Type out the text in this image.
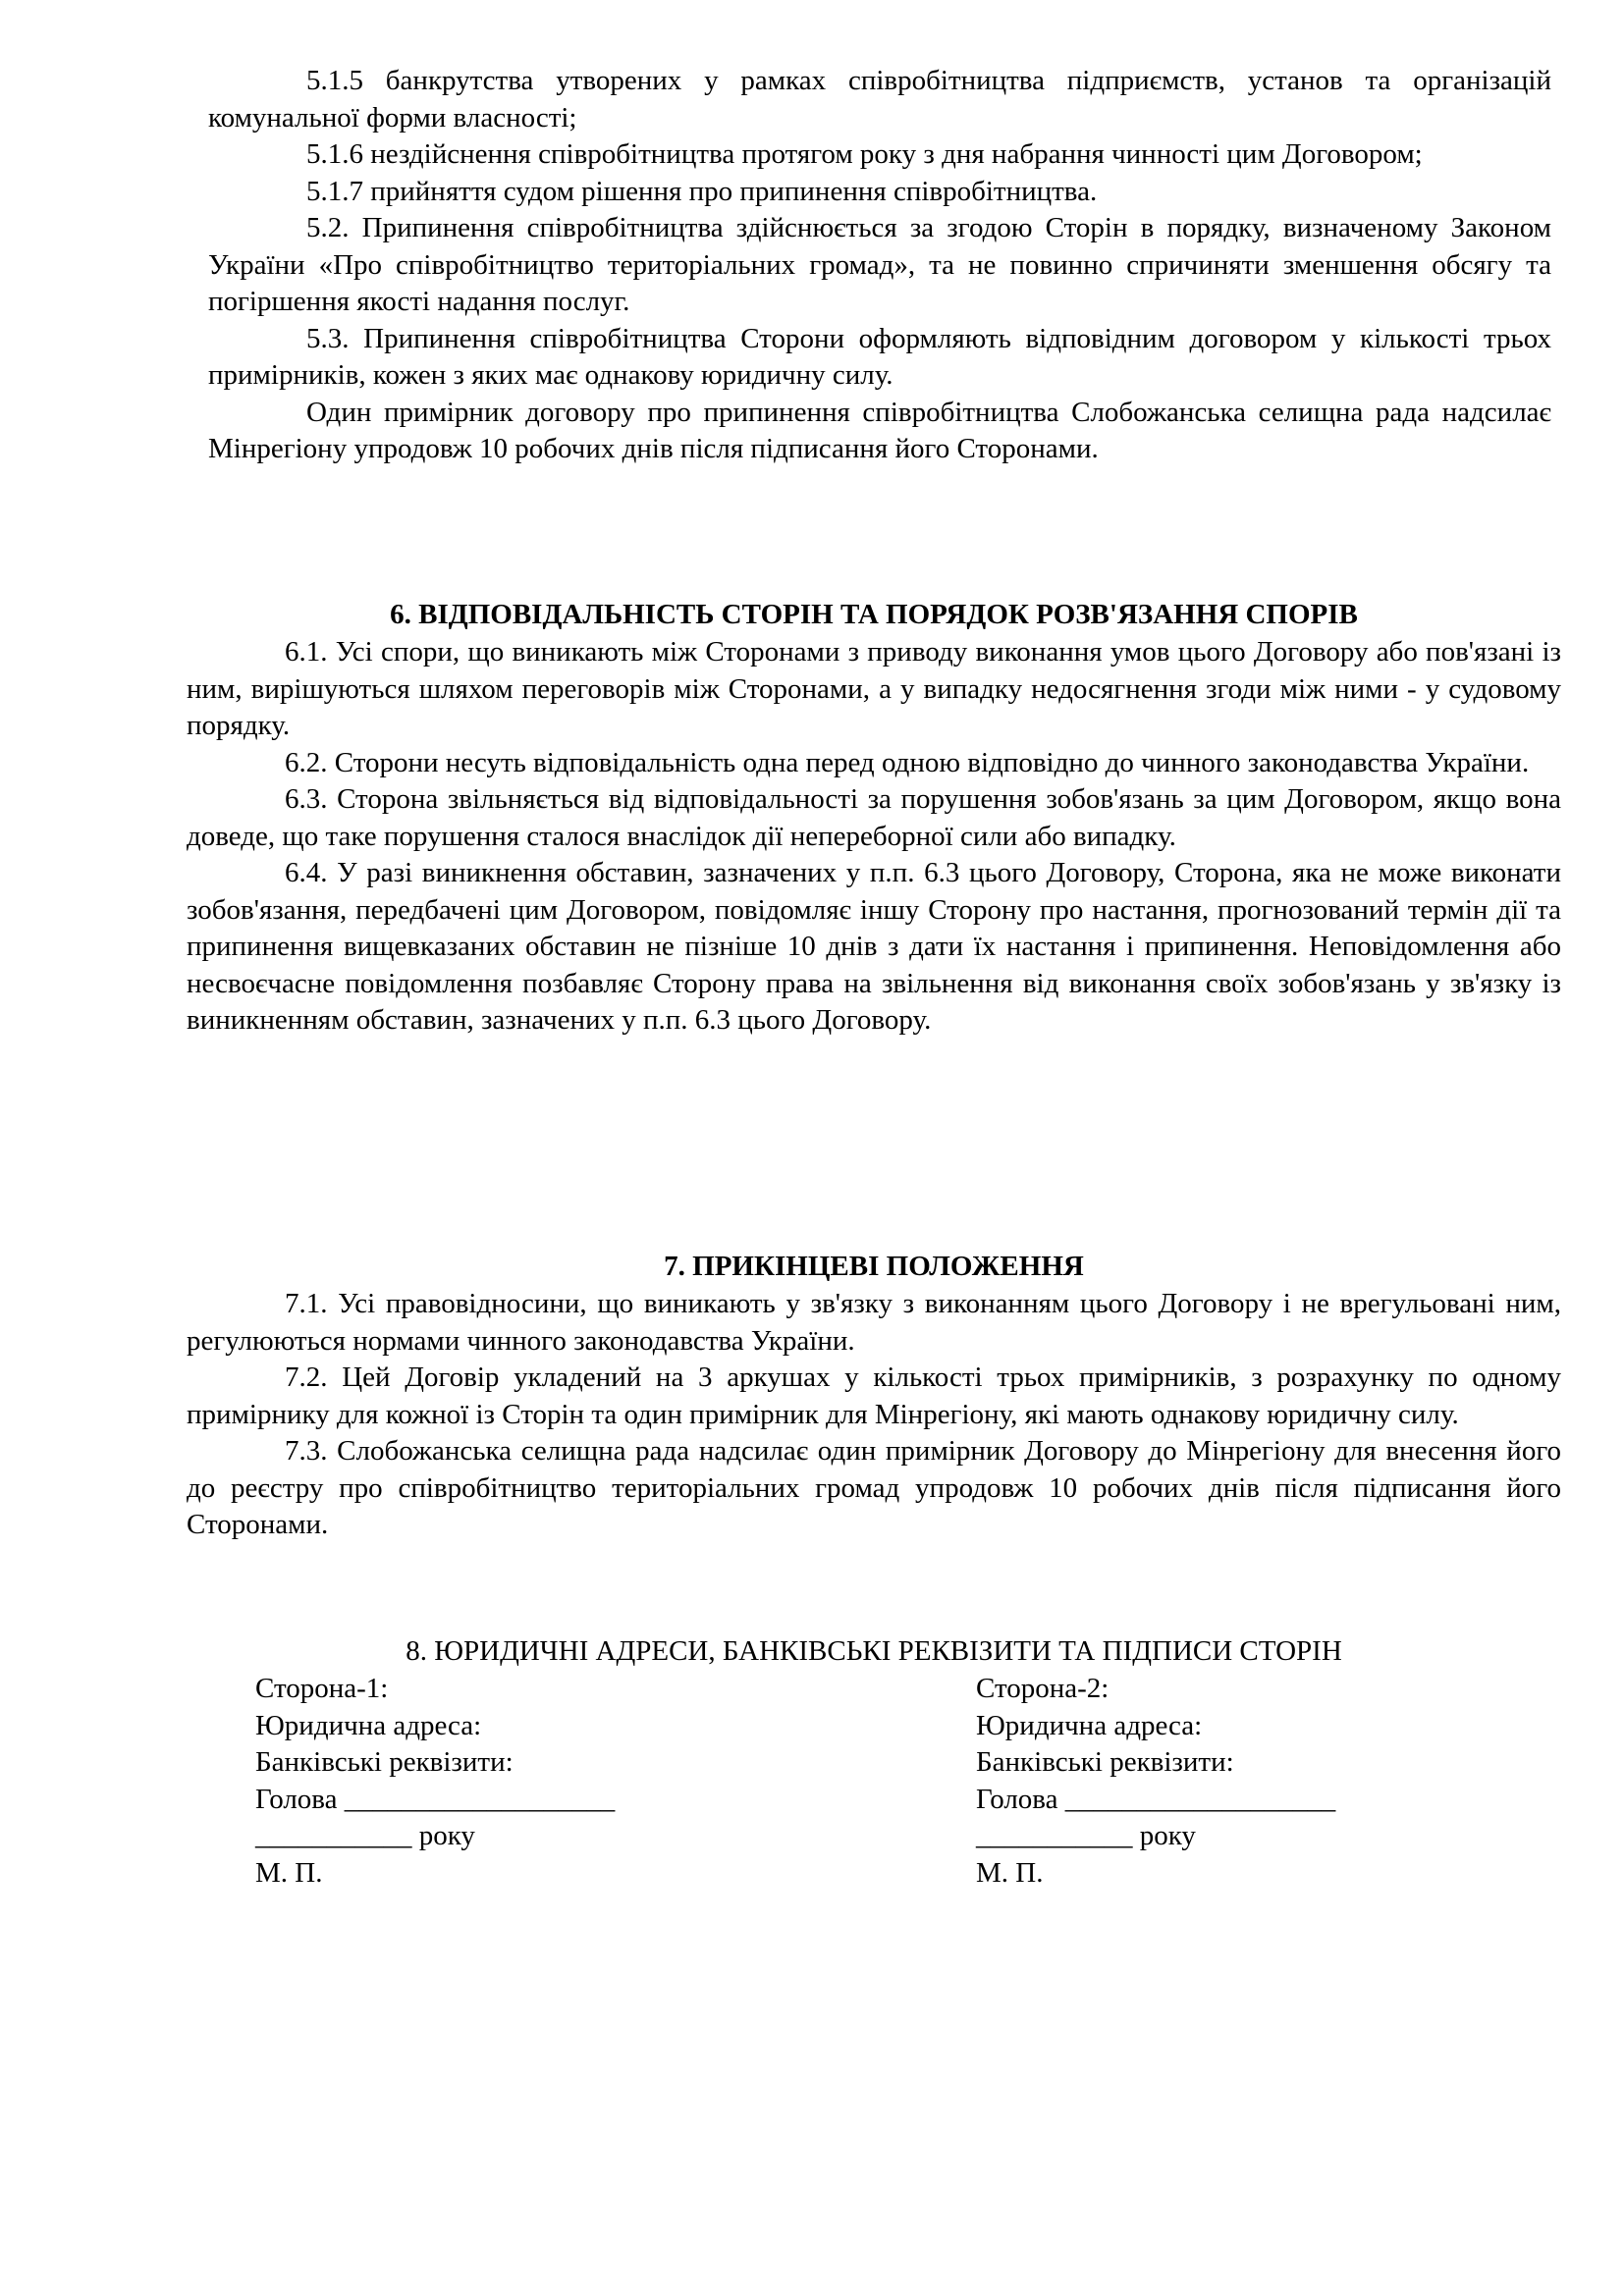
5.1.5 банкрутства утворених у рамках співробітництва підприємств, установ та організацій комунальної форми власності;

5.1.6 нездійснення співробітництва протягом року з дня набрання чинності цим Договором;

5.1.7 прийняття судом рішення про припинення співробітництва.

5.2. Припинення співробітництва здійснюється за згодою Сторін в порядку, визначеному Законом України «Про співробітництво територіальних громад», та не повинно спричиняти зменшення обсягу та погіршення якості надання послуг.

5.3. Припинення співробітництва Сторони оформляють відповідним договором у кількості трьох примірників, кожен з яких має однакову юридичну силу.

Один примірник договору про припинення співробітництва Слобожанська селищна рада надсилає Мінрегіону упродовж 10 робочих днів після підписання його Сторонами.

6. ВІДПОВІДАЛЬНІСТЬ СТОРІН ТА ПОРЯДОК РОЗВ'ЯЗАННЯ СПОРІВ

6.1. Усі спори, що виникають між Сторонами з приводу виконання умов цього Договору або пов'язані із ним, вирішуються шляхом переговорів між Сторонами, а у випадку недосягнення згоди між ними - у судовому порядку.

6.2. Сторони несуть відповідальність одна перед одною відповідно до чинного законодавства України.

6.3. Сторона звільняється від відповідальності за порушення зобов'язань за цим Договором, якщо вона доведе, що таке порушення сталося внаслідок дії непереборної сили або випадку.

6.4. У разі виникнення обставин, зазначених у п.п. 6.3 цього Договору, Сторона, яка не може виконати зобов'язання, передбачені цим Договором, повідомляє іншу Сторону про настання, прогнозований термін дії та припинення вищевказаних обставин не пізніше 10 днів з дати їх настання і припинення. Неповідомлення або несвоєчасне повідомлення позбавляє Сторону права на звільнення від виконання своїх зобов'язань у зв'язку із виникненням обставин, зазначених у п.п. 6.3 цього Договору.

7. ПРИКІНЦЕВІ ПОЛОЖЕННЯ

7.1. Усі правовідносини, що виникають у зв'язку з виконанням цього Договору і не врегульовані ним, регулюються нормами чинного законодавства України.

7.2. Цей Договір укладений на 3 аркушах у кількості трьох примірників, з розрахунку по одному примірнику для кожної із Сторін та один примірник для Мінрегіону, які мають однакову юридичну силу.

7.3. Слобожанська селищна рада надсилає один примірник Договору до Мінрегіону для внесення його до реєстру про співробітництво територіальних громад упродовж 10 робочих днів після підписання його Сторонами.

8. ЮРИДИЧНІ АДРЕСИ, БАНКІВСЬКІ РЕКВІЗИТИ ТА ПІДПИСИ СТОРІН

Сторона-1:
Юридична адреса:
Банківські реквізити:
Голова ___________________
___________ року
М. П.
Сторона-2:
Юридична адреса:
Банківські реквізити:
Голова ___________________
___________ року
М. П.
